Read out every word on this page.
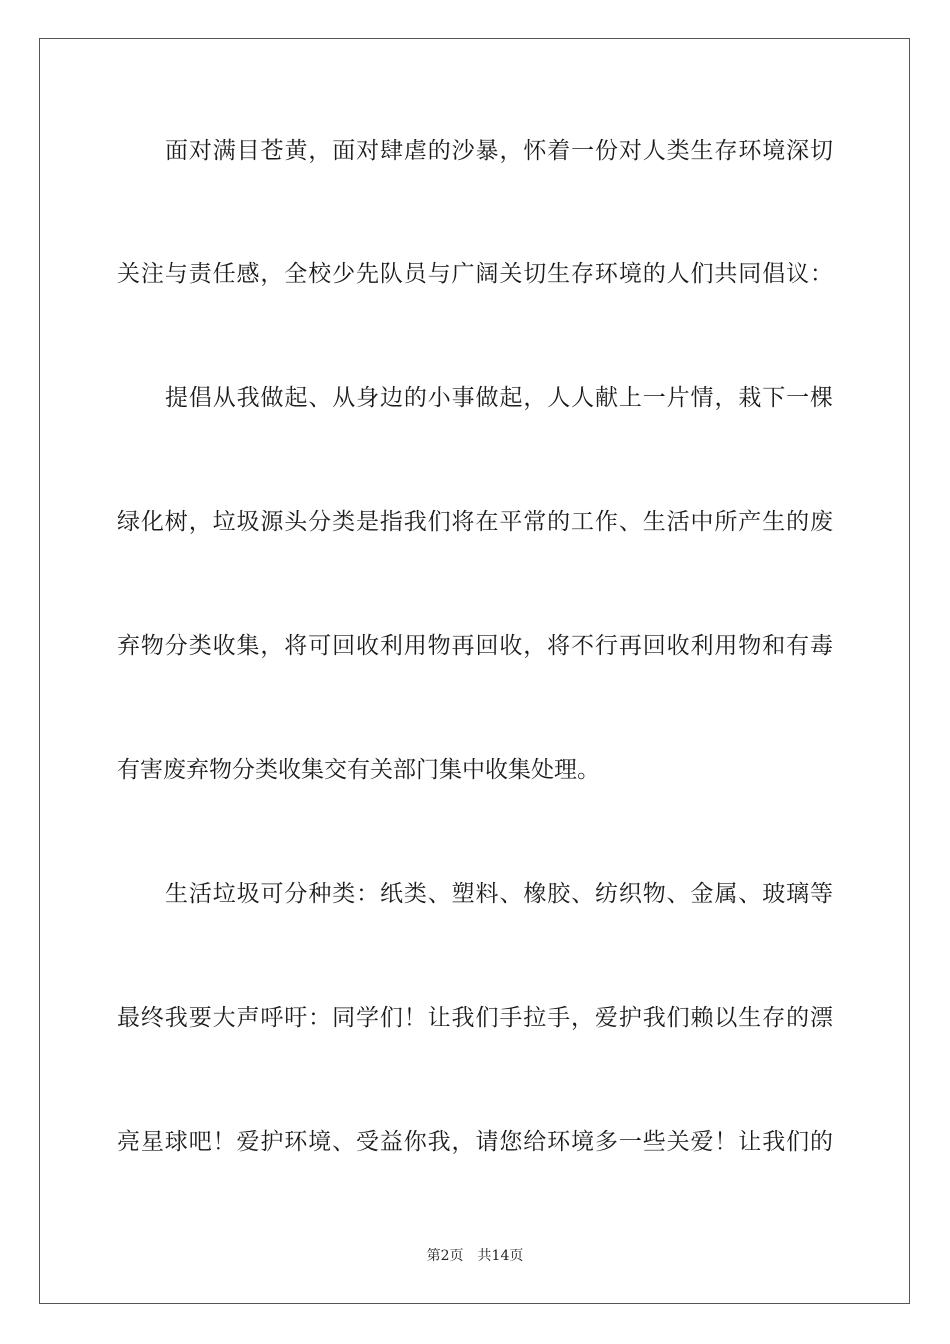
面对满目苍黄，面对肆虐的沙暴，怀着一份对人类生存环境深切
关注与责任感，全校少先队员与广阔关切生存环境的人们共同倡议：
提倡从我做起、从身边的小事做起，人人献上一片情，栽下一棵
绿化树，垃圾源头分类是指我们将在平常的工作、生活中所产生的废
弃物分类收集，将可回收利用物再回收，将不行再回收利用物和有毒
有害废弃物分类收集交有关部门集中收集处理。
生活垃圾可分种类：纸类、塑料、橡胶、纺织物、金属、玻璃等
最终我要大声呼吁：同学们！让我们手拉手，爱护我们赖以生存的漂
亮星球吧！爱护环境、受益你我，请您给环境多一些关爱！让我们的
第2页 共14页
